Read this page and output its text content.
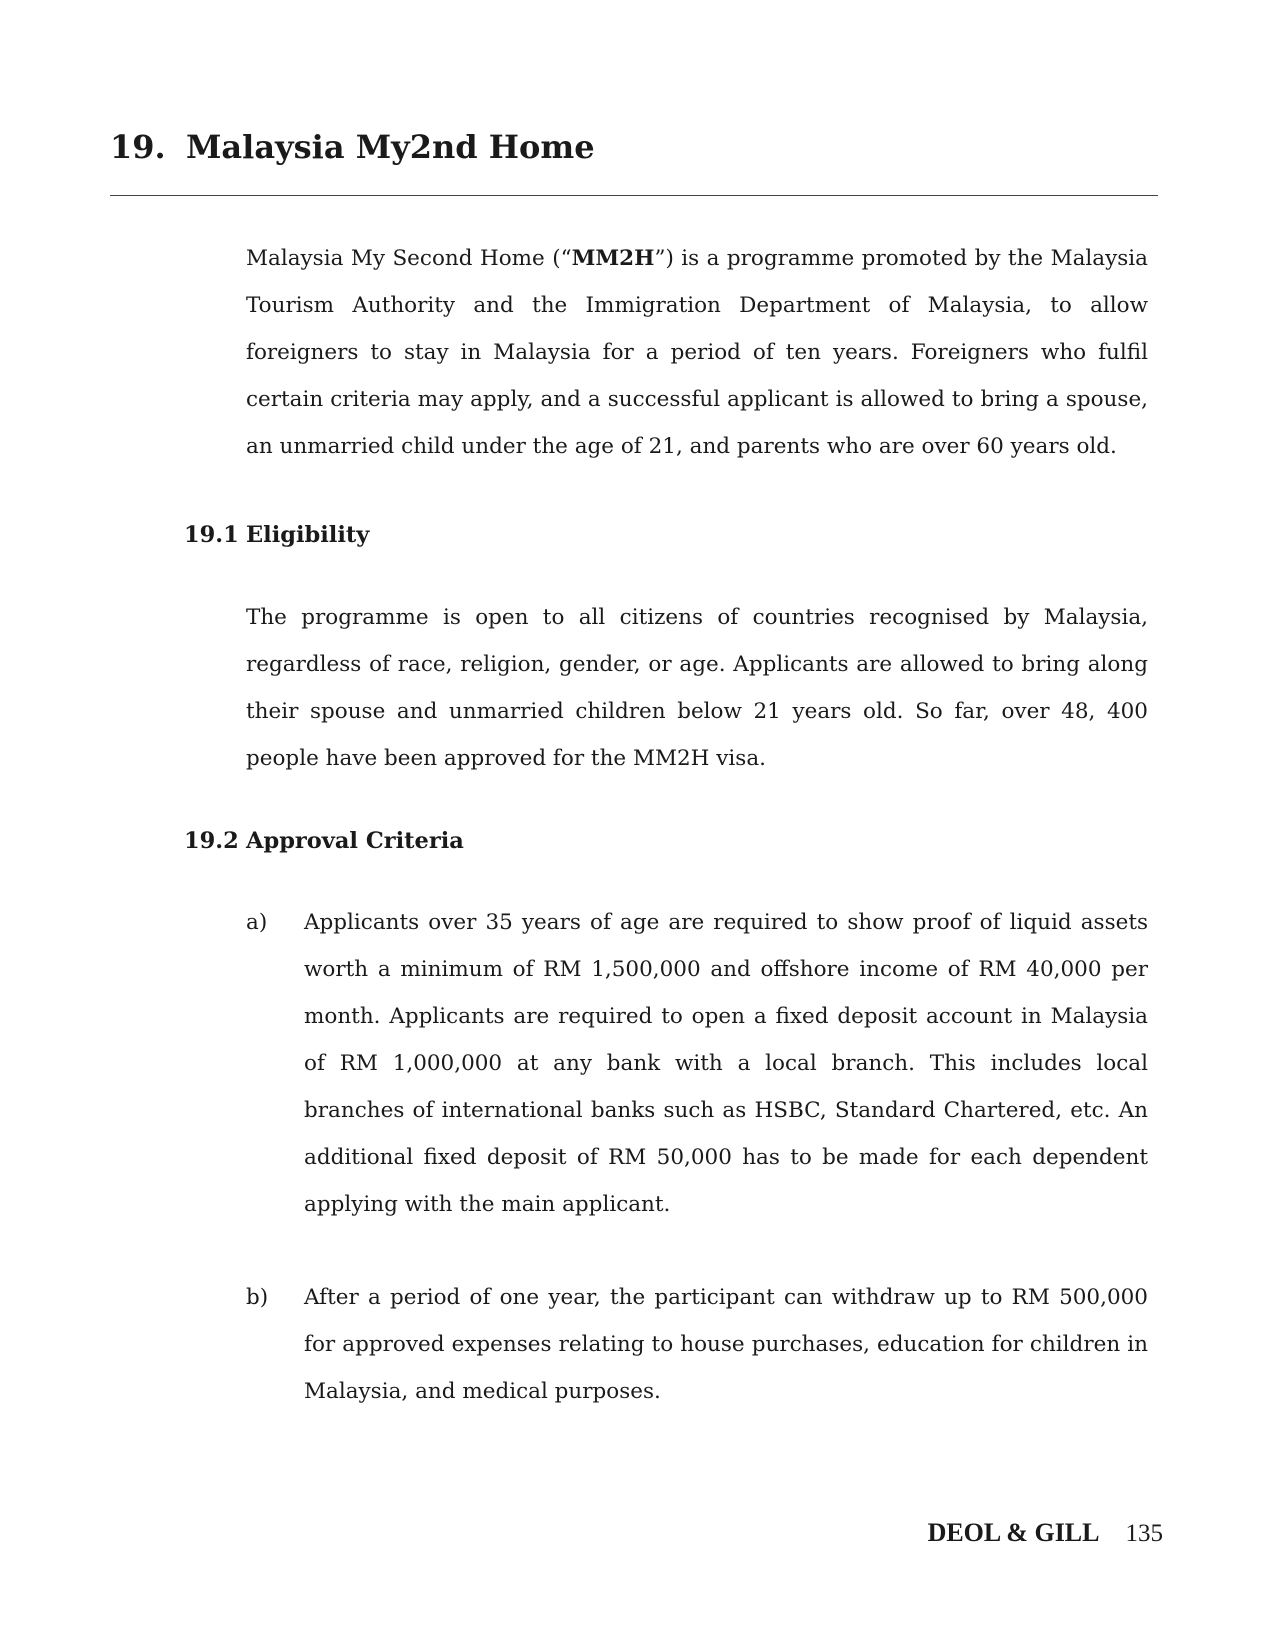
19. Malaysia My2nd Home

Malaysia My Second Home (“MM2H”) is a programme promoted by the Malaysia Tourism Authority and the Immigration Department of Malaysia, to allow foreigners to stay in Malaysia for a period of ten years. Foreigners who fulfil certain criteria may apply, and a successful applicant is allowed to bring a spouse, an unmarried child under the age of 21, and parents who are over 60 years old.

19.1 Eligibility

The programme is open to all citizens of countries recognised by Malaysia, regardless of race, religion, gender, or age. Applicants are allowed to bring along their spouse and unmarried children below 21 years old. So far, over 48, 400 people have been approved for the MM2H visa.

19.2 Approval Criteria

a) Applicants over 35 years of age are required to show proof of liquid assets worth a minimum of RM 1,500,000 and offshore income of RM 40,000 per month. Applicants are required to open a fixed deposit account in Malaysia of RM 1,000,000 at any bank with a local branch. This includes local branches of international banks such as HSBC, Standard Chartered, etc. An additional fixed deposit of RM 50,000 has to be made for each dependent applying with the main applicant.

b) After a period of one year, the participant can withdraw up to RM 500,000 for approved expenses relating to house purchases, education for children in Malaysia, and medical purposes.

DEOL & GILL 135
